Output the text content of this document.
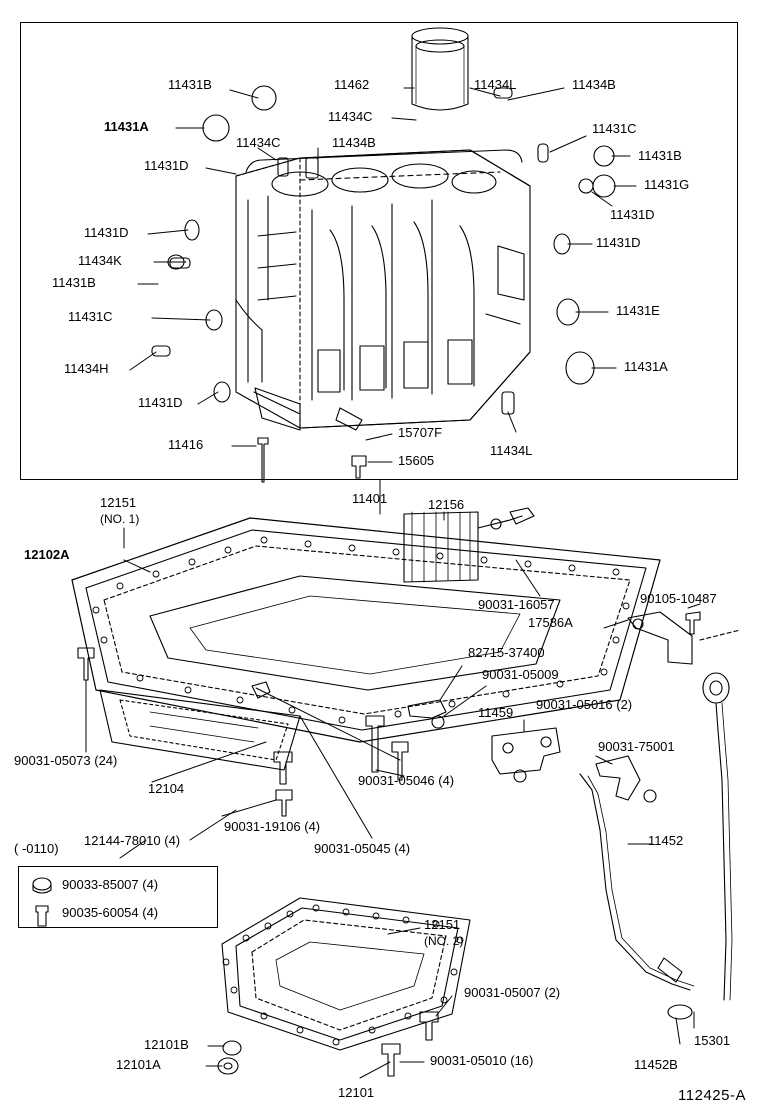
11431B
11431A
11434C
11431D
11434B
11462
11434C
11434L	11434B
11431C
11431B
11431G
11431D
11431D
11431D
11434K
11431B
11431C	11431E
11434H	11431A
11431D
11416
15707F
15605
11434L
12151
(NO. 1)
12102A
11401	12156
90031-16057	90105-10487
17586A
82715-37400
90031-05009
11459
90031-05016 (2)
90031-75001
90031-05073 (24)
12104
90031-19106 (4)
12144-78010 (4)
90031-05046 (4)
90031-05045 (4)
11452
12151
(NO. 2)
90031-05007 (2)
12101B
12101A	90031-05010 (16)
12101
11452B
15301
( -0110)
90033-85007 (4)
90035-60054 (4)
112425-A
